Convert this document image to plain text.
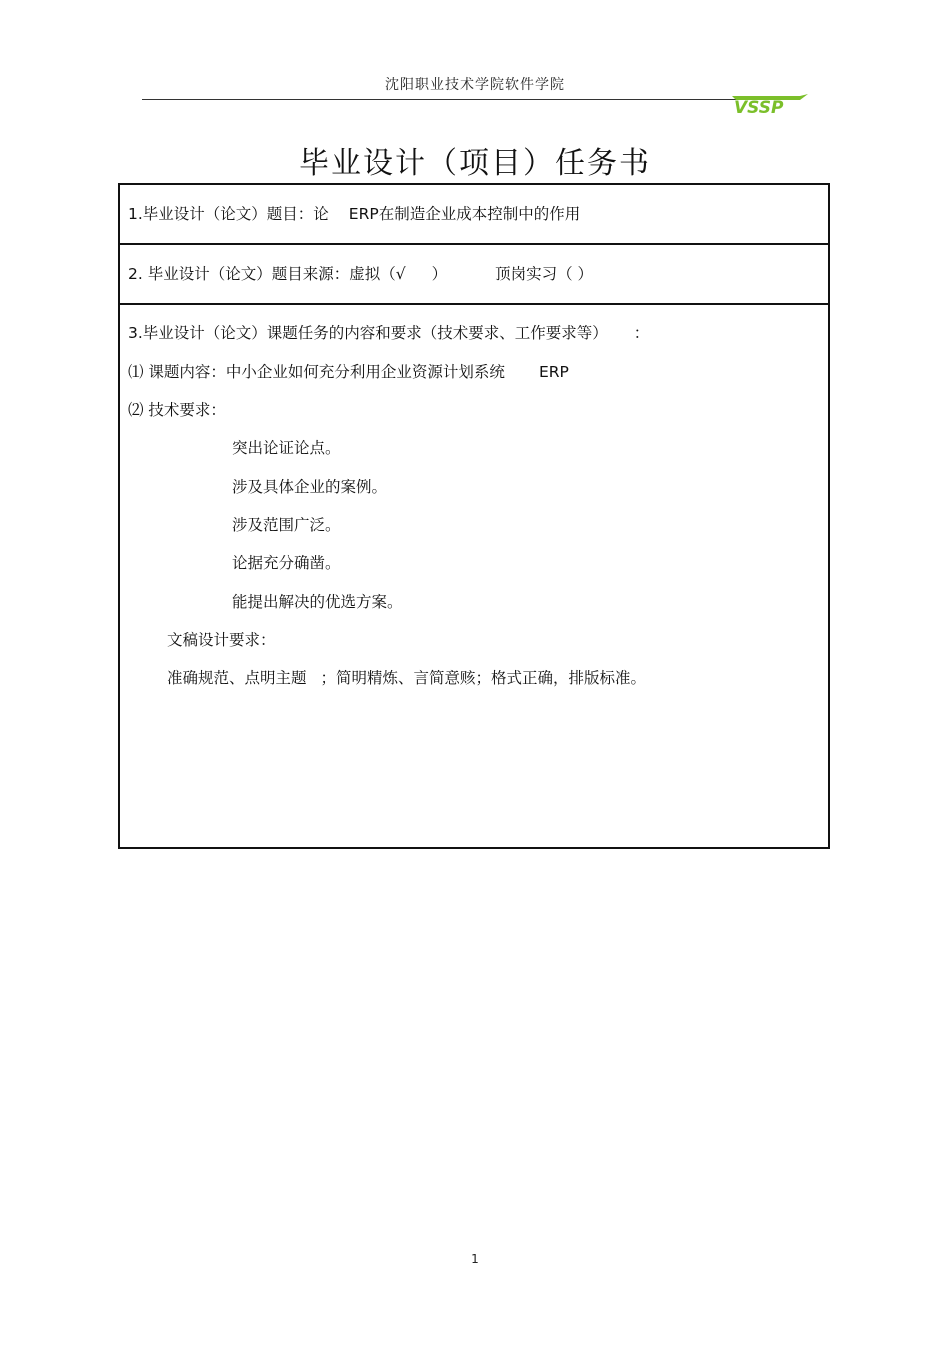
沈阳职业技术学院软件学院
VSSP
毕业设计（项目）任务书
1.毕业设计（论文）题目：论 ERP在制造企业成本控制中的作用
2. 毕业设计（论文）题目来源：虚拟（√ ）	顶岗实习（ ）
3.毕业设计（论文）课题任务的内容和要求（技术要求、工作要求等） ：
⑴ 课题内容：中小企业如何充分利用企业资源计划系统 ERP
⑵ 技术要求：
突出论证论点。
涉及具体企业的案例。
涉及范围广泛。
论据充分确凿。
能提出解决的优选方案。
文稿设计要求：
准确规范、点明主题 ；简明精炼、言简意赅；格式正确，排版标准。
1
